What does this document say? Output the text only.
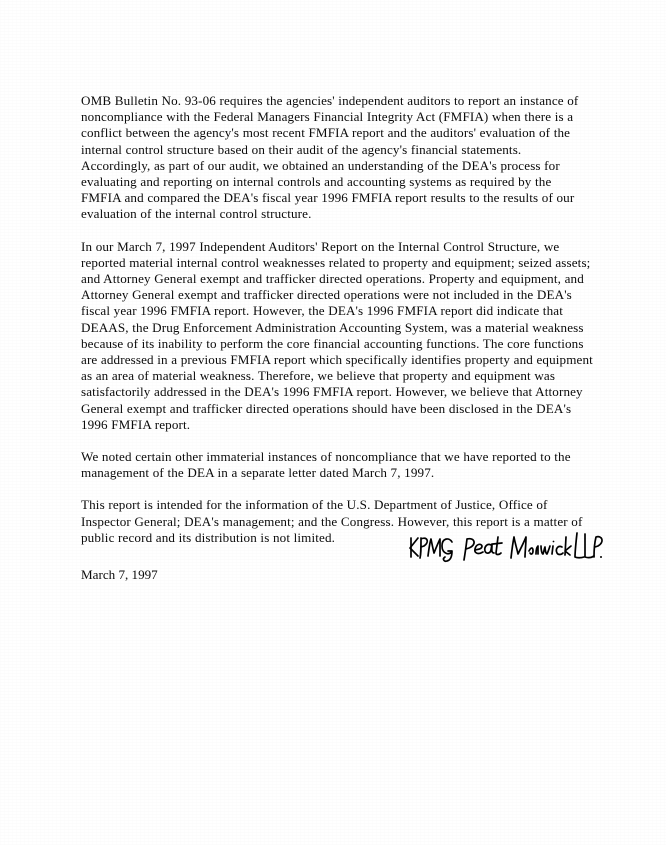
OMB Bulletin No. 93-06 requires the agencies' independent auditors to report an instance of noncompliance with the Federal Managers Financial Integrity Act (FMFIA) when there is a conflict between the agency's most recent FMFIA report and the auditors' evaluation of the internal control structure based on their audit of the agency's financial statements. Accordingly, as part of our audit, we obtained an understanding of the DEA's process for evaluating and reporting on internal controls and accounting systems as required by the FMFIA and compared the DEA's fiscal year 1996 FMFIA report results to the results of our evaluation of the internal control structure.

In our March 7, 1997 Independent Auditors' Report on the Internal Control Structure, we reported material internal control weaknesses related to property and equipment; seized assets; and Attorney General exempt and trafficker directed operations. Property and equipment, and Attorney General exempt and trafficker directed operations were not included in the DEA's fiscal year 1996 FMFIA report. However, the DEA's 1996 FMFIA report did indicate that DEAAS, the Drug Enforcement Administration Accounting System, was a material weakness because of its inability to perform the core financial accounting functions. The core functions are addressed in a previous FMFIA report which specifically identifies property and equipment as an area of material weakness. Therefore, we believe that property and equipment was satisfactorily addressed in the DEA's 1996 FMFIA report. However, we believe that Attorney General exempt and trafficker directed operations should have been disclosed in the DEA's 1996 FMFIA report.

We noted certain other immaterial instances of noncompliance that we have reported to the management of the DEA in a separate letter dated March 7, 1997.

This report is intended for the information of the U.S. Department of Justice, Office of Inspector General; DEA's management; and the Congress. However, this report is a matter of public record and its distribution is not limited.

March 7, 1997
